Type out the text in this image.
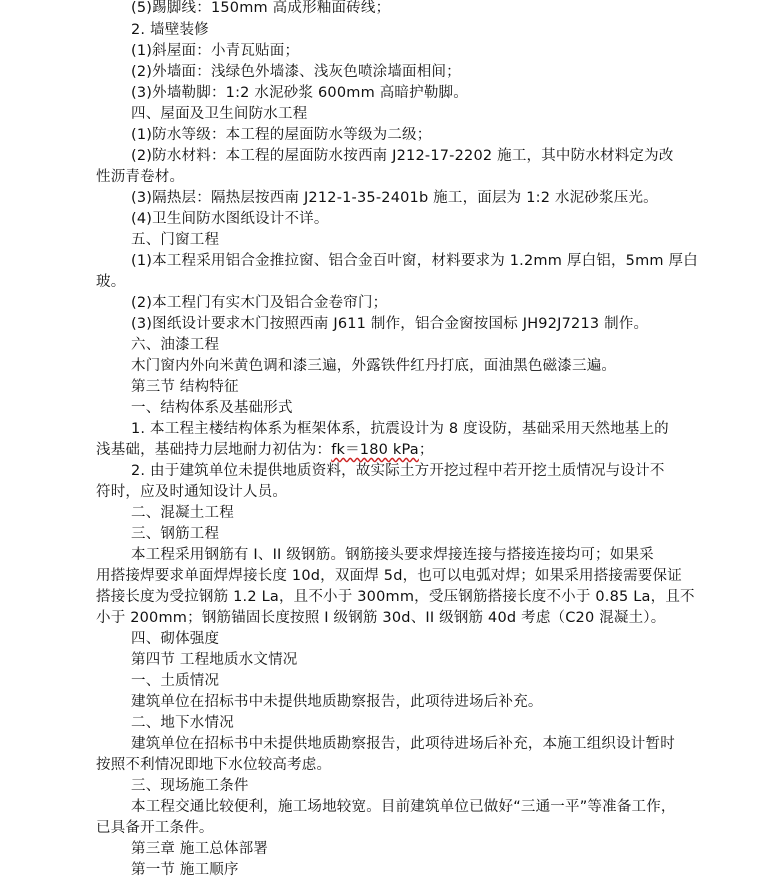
(5)踢脚线：150mm 高成形釉面砖线；
2. 墙壁装修
(1)斜屋面：小青瓦贴面；
(2)外墙面：浅绿色外墙漆、浅灰色喷涂墙面相间；
(3)外墙勒脚：1:2 水泥砂浆 600mm 高暗护勒脚。
四、屋面及卫生间防水工程
(1)防水等级：本工程的屋面防水等级为二级；
(2)防水材料：本工程的屋面防水按西南 J212-17-2202 施工，其中防水材料定为改
性沥青卷材。
(3)隔热层：隔热层按西南 J212-1-35-2401b 施工，面层为 1:2 水泥砂浆压光。
(4)卫生间防水图纸设计不详。
五、门窗工程
(1)本工程采用铝合金推拉窗、铝合金百叶窗，材料要求为 1.2mm 厚白铝，5mm 厚白
玻。
(2)本工程门有实木门及铝合金卷帘门；
(3)图纸设计要求木门按照西南 J611 制作，铝合金窗按国标 JH92J7213 制作。
六、油漆工程
木门窗内外向米黄色调和漆三遍，外露铁件红丹打底，面油黑色磁漆三遍。
第三节 结构特征
一、结构体系及基础形式
1. 本工程主楼结构体系为框架体系，抗震设计为 8 度设防，基础采用天然地基上的
浅基础，基础持力层地耐力初估为：fk＝180 kPa；
2. 由于建筑单位未提供地质资料，故实际土方开挖过程中若开挖土质情况与设计不
符时，应及时通知设计人员。
二、混凝土工程
三、钢筋工程
本工程采用钢筋有 I、II 级钢筋。钢筋接头要求焊接连接与搭接连接均可；如果采
用搭接焊要求单面焊焊接长度 10d，双面焊 5d，也可以电弧对焊；如果采用搭接需要保证
搭接长度为受拉钢筋 1.2 La，且不小于 300mm，受压钢筋搭接长度不小于 0.85 La，且不
小于 200mm；钢筋锚固长度按照 I 级钢筋 30d、II 级钢筋 40d 考虑（C20 混凝土）。
四、砌体强度
第四节 工程地质水文情况
一、土质情况
建筑单位在招标书中未提供地质勘察报告，此项待进场后补充。
二、地下水情况
建筑单位在招标书中未提供地质勘察报告，此项待进场后补充，本施工组织设计暂时
按照不利情况即地下水位较高考虑。
三、现场施工条件
本工程交通比较便利，施工场地较宽。目前建筑单位已做好“三通一平”等准备工作，
已具备开工条件。
第三章 施工总体部署
第一节 施工顺序
